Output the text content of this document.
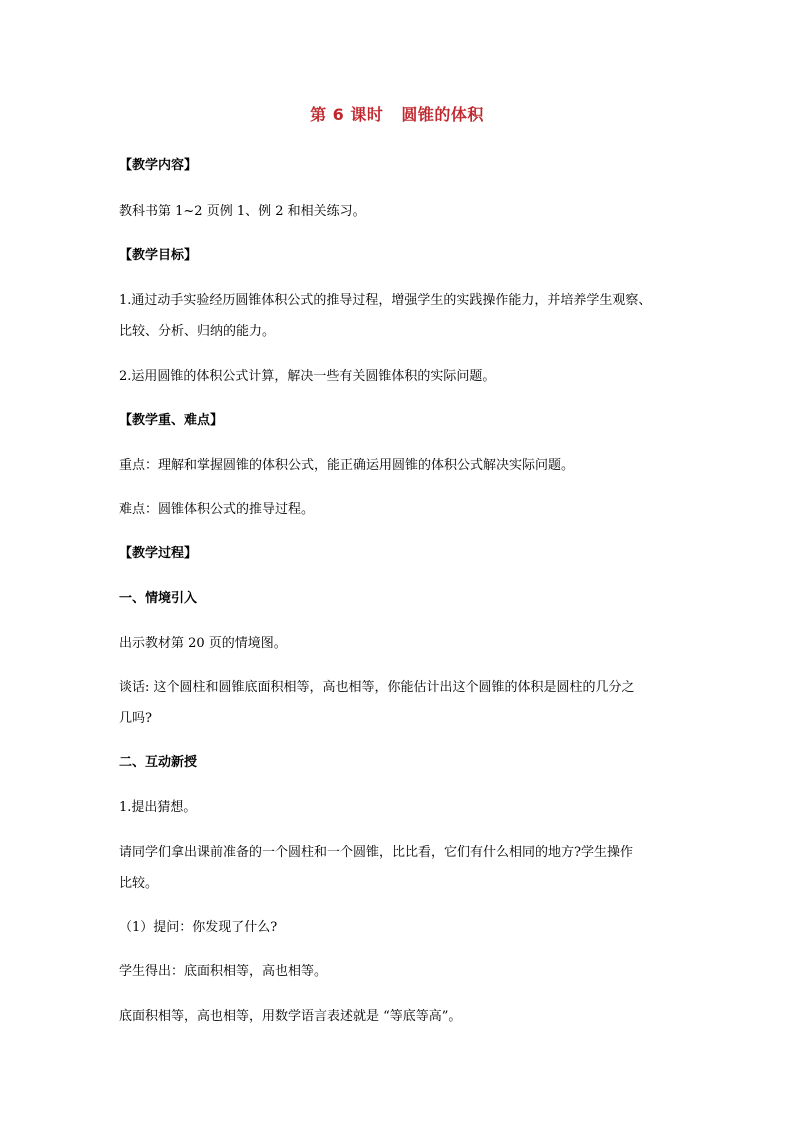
第 6 课时 圆锥的体积
【教学内容】
教科书第 1~2 页例 1、例 2 和相关练习。
【教学目标】
1.通过动手实验经历圆锥体积公式的推导过程，增强学生的实践操作能力，并培养学生观察、
比较、分析、归纳的能力。
2.运用圆锥的体积公式计算，解决一些有关圆锥体积的实际问题。
【教学重、难点】
重点：理解和掌握圆锥的体积公式，能正确运用圆锥的体积公式解决实际问题。
难点：圆锥体积公式的推导过程。
【教学过程】
一、情境引入
出示教材第 20 页的情境图。
谈话: 这个圆柱和圆锥底面积相等，高也相等，你能估计出这个圆锥的体积是圆柱的几分之
几吗?
二、互动新授
1.提出猜想。
请同学们拿出课前准备的一个圆柱和一个圆锥，比比看，它们有什么相同的地方?学生操作
比较。
（1）提问：你发现了什么?
学生得出：底面积相等，高也相等。
底面积相等，高也相等，用数学语言表述就是 “等底等高”。
